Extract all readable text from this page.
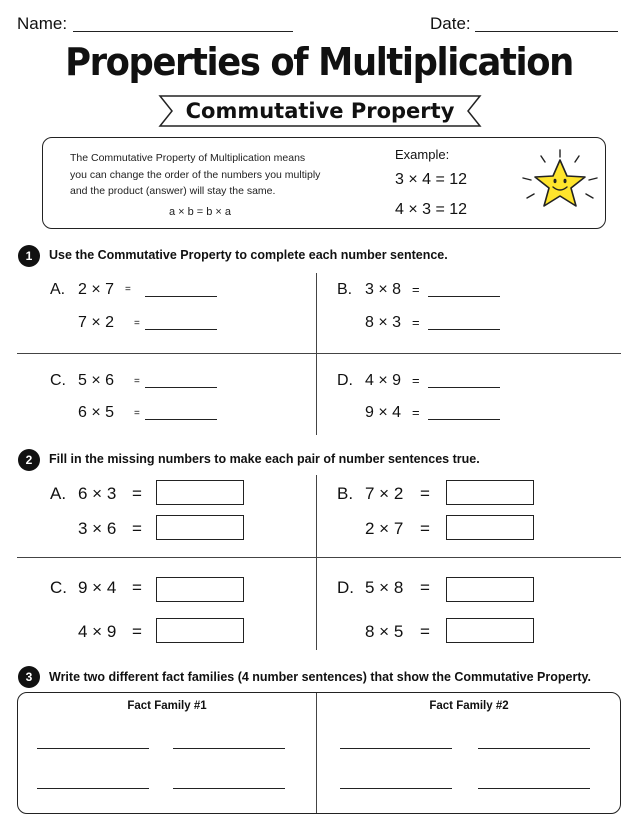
Name:	Date:
Properties of Multiplication
Commutative Property
The Commutative Property of Multiplication means
you can change the order of the numbers you multiply
and the product (answer) will stay the same.
a × b = b × a
Example:
3 × 4 = 12
4 × 3 = 12
1	Use the Commutative Property to complete each number sentence.
A. 2 × 7 =
7 × 2 =
B. 3 × 8 =
8 × 3 =
C. 5 × 6 =
6 × 5 =
D. 4 × 9 =
9 × 4 =
2	Fill in the missing numbers to make each pair of number sentences true.
A. 6 × 3 =
3 × 6 =
B. 7 × 2 =
2 × 7 =
C. 9 × 4 =
4 × 9 =
D. 5 × 8 =
8 × 5 =
3	Write two different fact families (4 number sentences) that show the Commutative Property.
Fact Family #1	Fact Family #2
